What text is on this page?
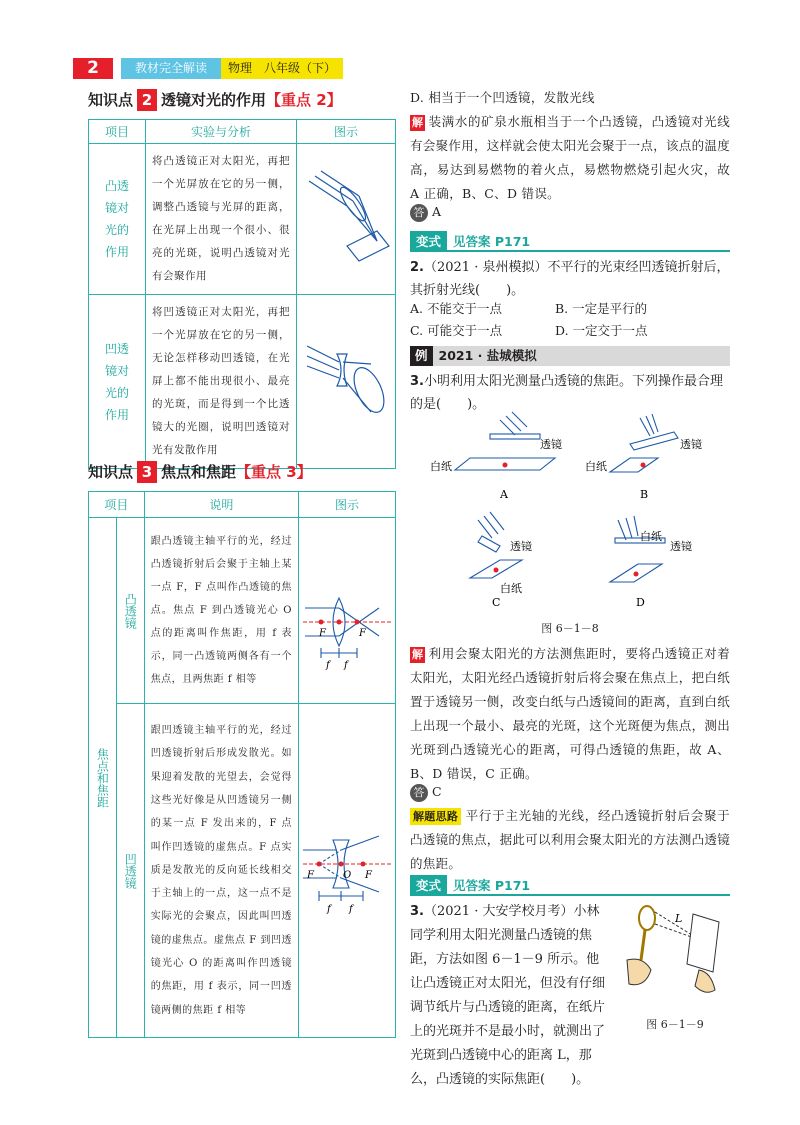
2	教材完全解读	物理　八年级（下）
知识点 2 透镜对光的作用【重点 2】
项目	实验与分析	图示

凸透镜对光的作用	将凸透镜正对太阳光，再把一个光屏放在它的另一侧，调整凸透镜与光屏的距离，在光屏上出现一个很小、很亮的光斑，说明凸透镜对光有会聚作用

凹透镜对光的作用	将凹透镜正对太阳光，再把一个光屏放在它的另一侧，无论怎样移动凹透镜，在光屏上都不能出现很小、最亮的光斑，而是得到一个比透镜大的光圈，说明凹透镜对光有发散作用

知识点 3 焦点和焦距【重点 3】
项目		说明	图示

焦点和焦距	凸透镜	跟凸透镜主轴平行的光，经过凸透镜折射后会聚于主轴上某一点 F，F 点叫作凸透镜的焦点。焦点 F 到凸透镜光心 O 点的距离叫作焦距，用 f 表示，同一凸透镜两侧各有一个焦点，且两焦距 f 相等	F F
f f

	凹透镜	跟凹透镜主轴平行的光，经过凹透镜折射后形成发散光。如果迎着发散的光望去，会觉得这些光好像是从凹透镜另一侧的某一点 F 发出来的，F 点叫作凹透镜的虚焦点。F 点实质是发散光的反向延长线相交于主轴上的一点，这一点不是实际光的会聚点，因此叫凹透镜的虚焦点。虚焦点 F 到凹透镜光心 O 的距离叫作凹透镜的焦距，用 f 表示，同一凹透镜两侧的焦距 f 相等	F O F
f f
D. 相当于一个凹透镜，发散光线
解 装满水的矿泉水瓶相当于一个凸透镜，凸透镜对光线有会聚作用，这样就会使太阳光会聚于一点，该点的温度高，易达到易燃物的着火点，易燃物燃烧引起火灾，故 A 正确，B、C、D 错误。
答 A
变式 见答案 P171
2.（2021 · 泉州模拟）不平行的光束经凹透镜折射后，其折射光线(　　)。
A. 不能交于一点	B. 一定是平行的
C. 可能交于一点	D. 一定交于一点
例 2021 · 盐城模拟
3.小明利用太阳光测量凸透镜的焦距。下列操作最合理的是(　　)。
透镜	透镜
透镜	透镜
白纸	白纸
白纸
白纸
A	B
C	D
图 6－1－8
解 利用会聚太阳光的方法测焦距时，要将凸透镜正对着太阳光，太阳光经凸透镜折射后将会聚在焦点上，把白纸置于透镜另一侧，改变白纸与凸透镜间的距离，直到白纸上出现一个最小、最亮的光斑，这个光斑便为焦点，测出光斑到凸透镜光心的距离，可得凸透镜的焦距，故 A、B、D 错误，C 正确。
答 C
解题思路 平行于主光轴的光线，经凸透镜折射后会聚于凸透镜的焦点，据此可以利用会聚太阳光的方法测凸透镜的焦距。
变式 见答案 P171
3.（2021 · 大安学校月考）小林同学利用太阳光测量凸透镜的焦距，方法如图 6－1－9 所示。他让凸透镜正对太阳光，但没有仔细调节纸片与凸透镜的距离，在纸片上的光斑并不是最小时，就测出了光斑到凸透镜中心的距离 L，那么，凸透镜的实际焦距(　　)。
L
图 6－1－9
